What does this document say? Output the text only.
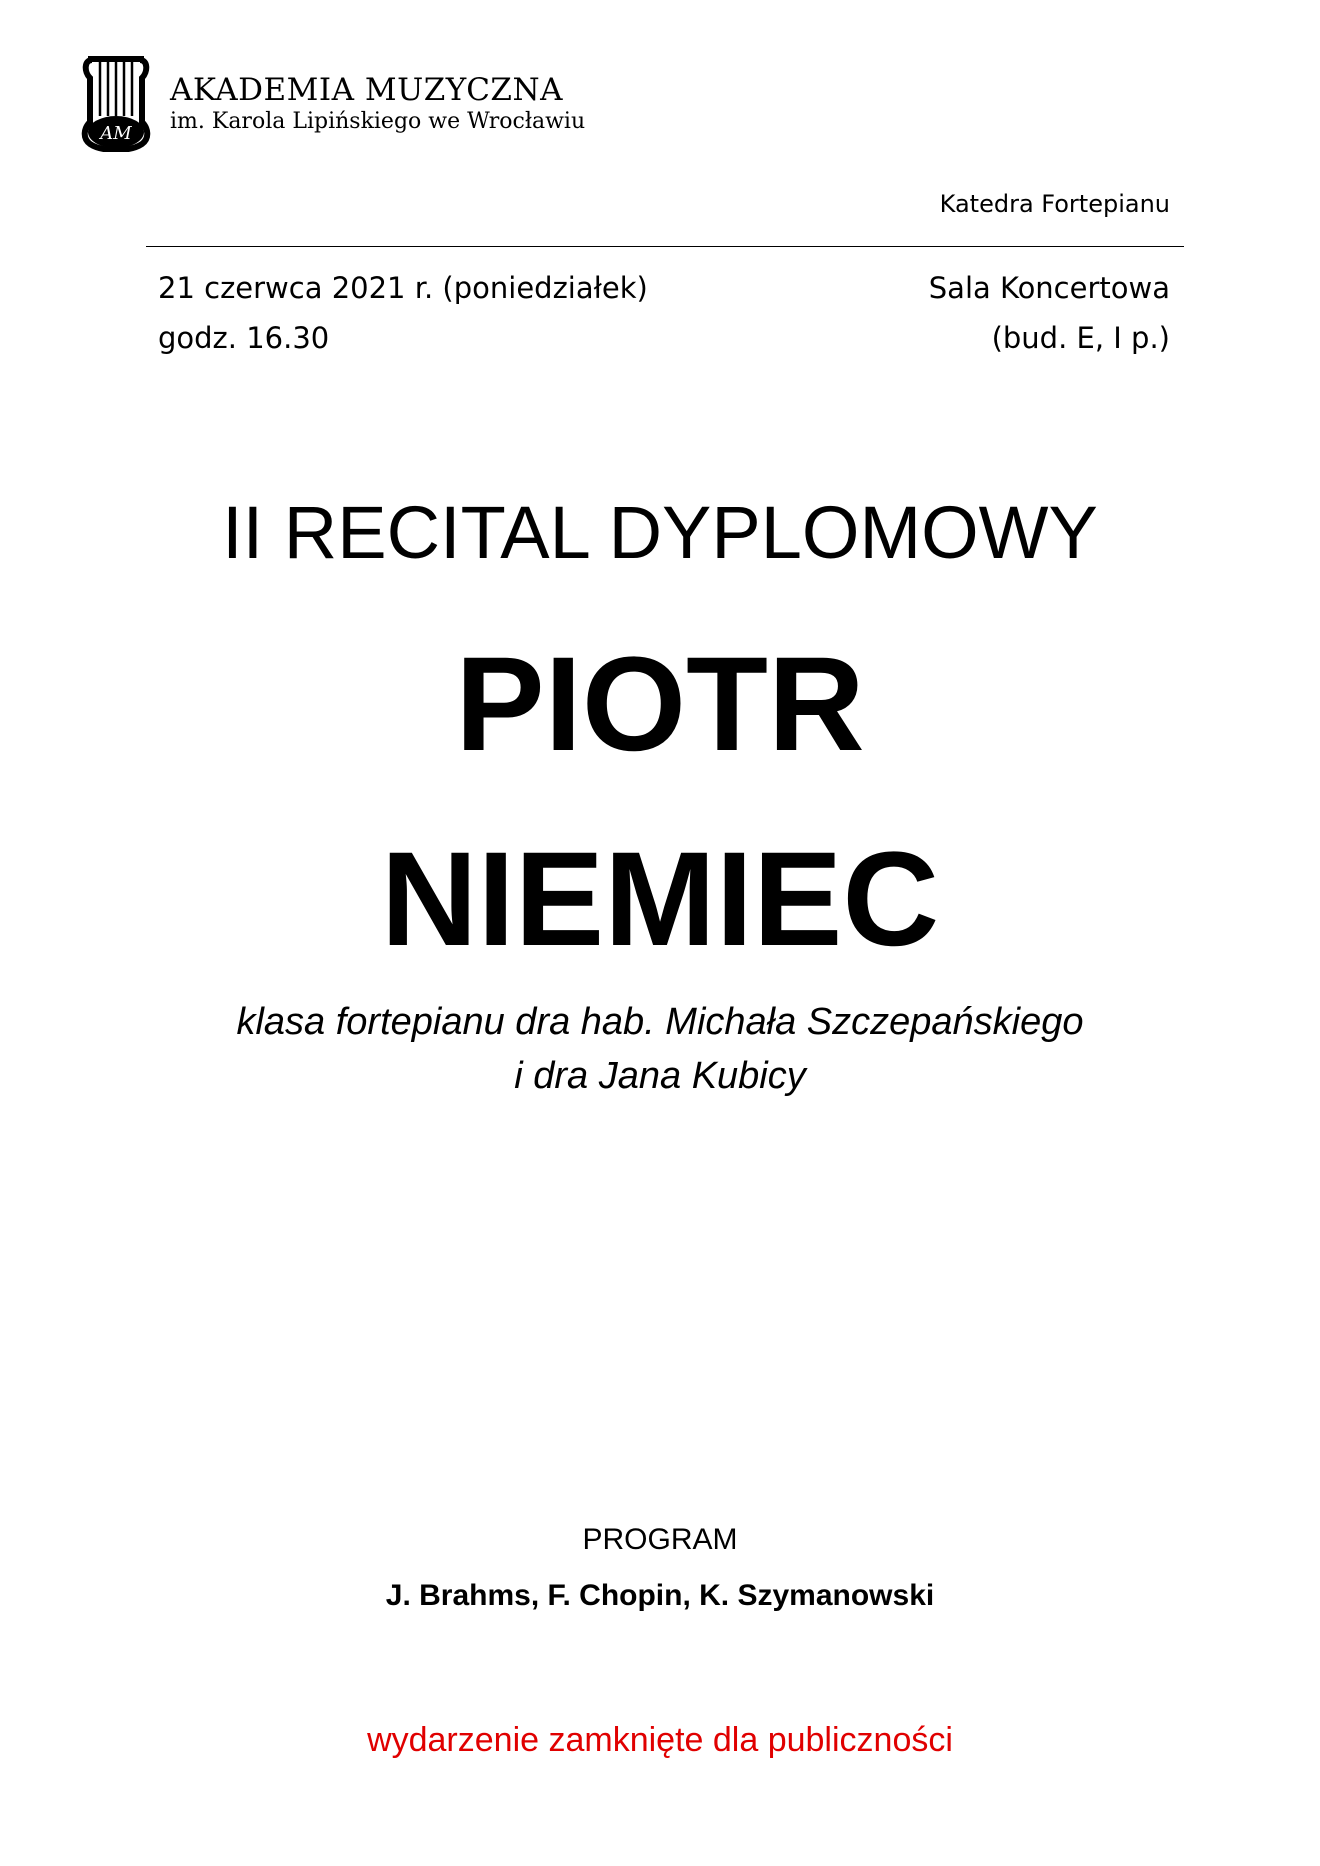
AM
AKADEMIA MUZYCZNA
im. Karola Lipińskiego we Wrocławiu
Katedra Fortepianu
21 czerwca 2021 r. (poniedziałek)
godz. 16.30
Sala Koncertowa
(bud. E, I p.)
II RECITAL DYPLOMOWY
PIOTR
NIEMIEC
klasa fortepianu dra hab. Michała Szczepańskiego
i dra Jana Kubicy
PROGRAM
J. Brahms, F. Chopin, K. Szymanowski
wydarzenie zamknięte dla publiczności
